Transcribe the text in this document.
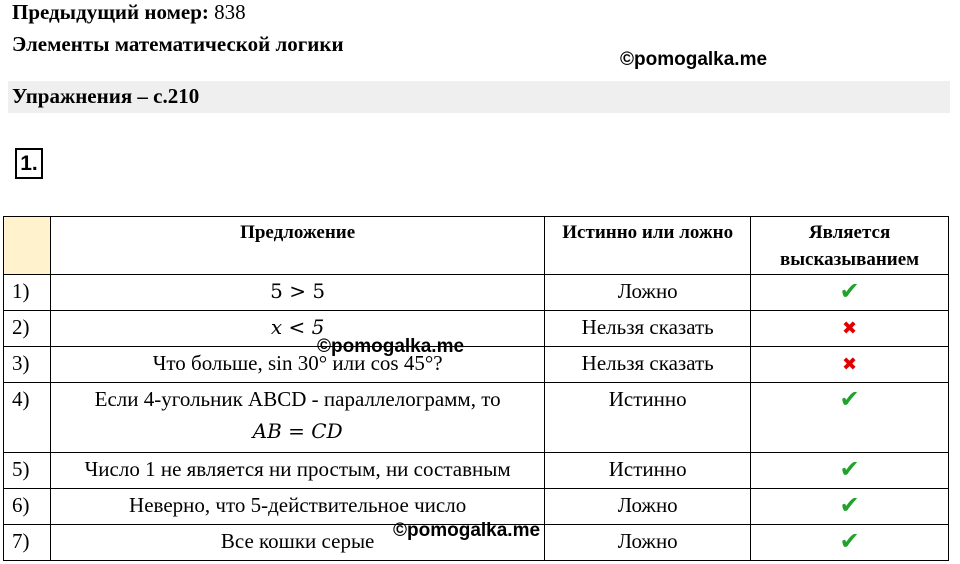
Предыдущий номер: 838
Элементы математической логики
©pomogalka.me
Упражнения – с.210
1.
	Предложение	Истинно или ложно	Является высказыванием
1)	5 > 5	Ложно	✔
2)	x < 5	Нельзя сказать	✖
3)	Что больше, sin 30° или cos 45°?	Нельзя сказать	✖
4)	Если 4-угольник ABCD - параллелограмм, то
AB = CD	Истинно	✔
5)	Число 1 не является ни простым, ни составным	Истинно	✔
6)	Неверно, что 5-действительное число	Ложно	✔
7)	Все кошки серые	Ложно	✔
©pomogalka.me
©pomogalka.me
